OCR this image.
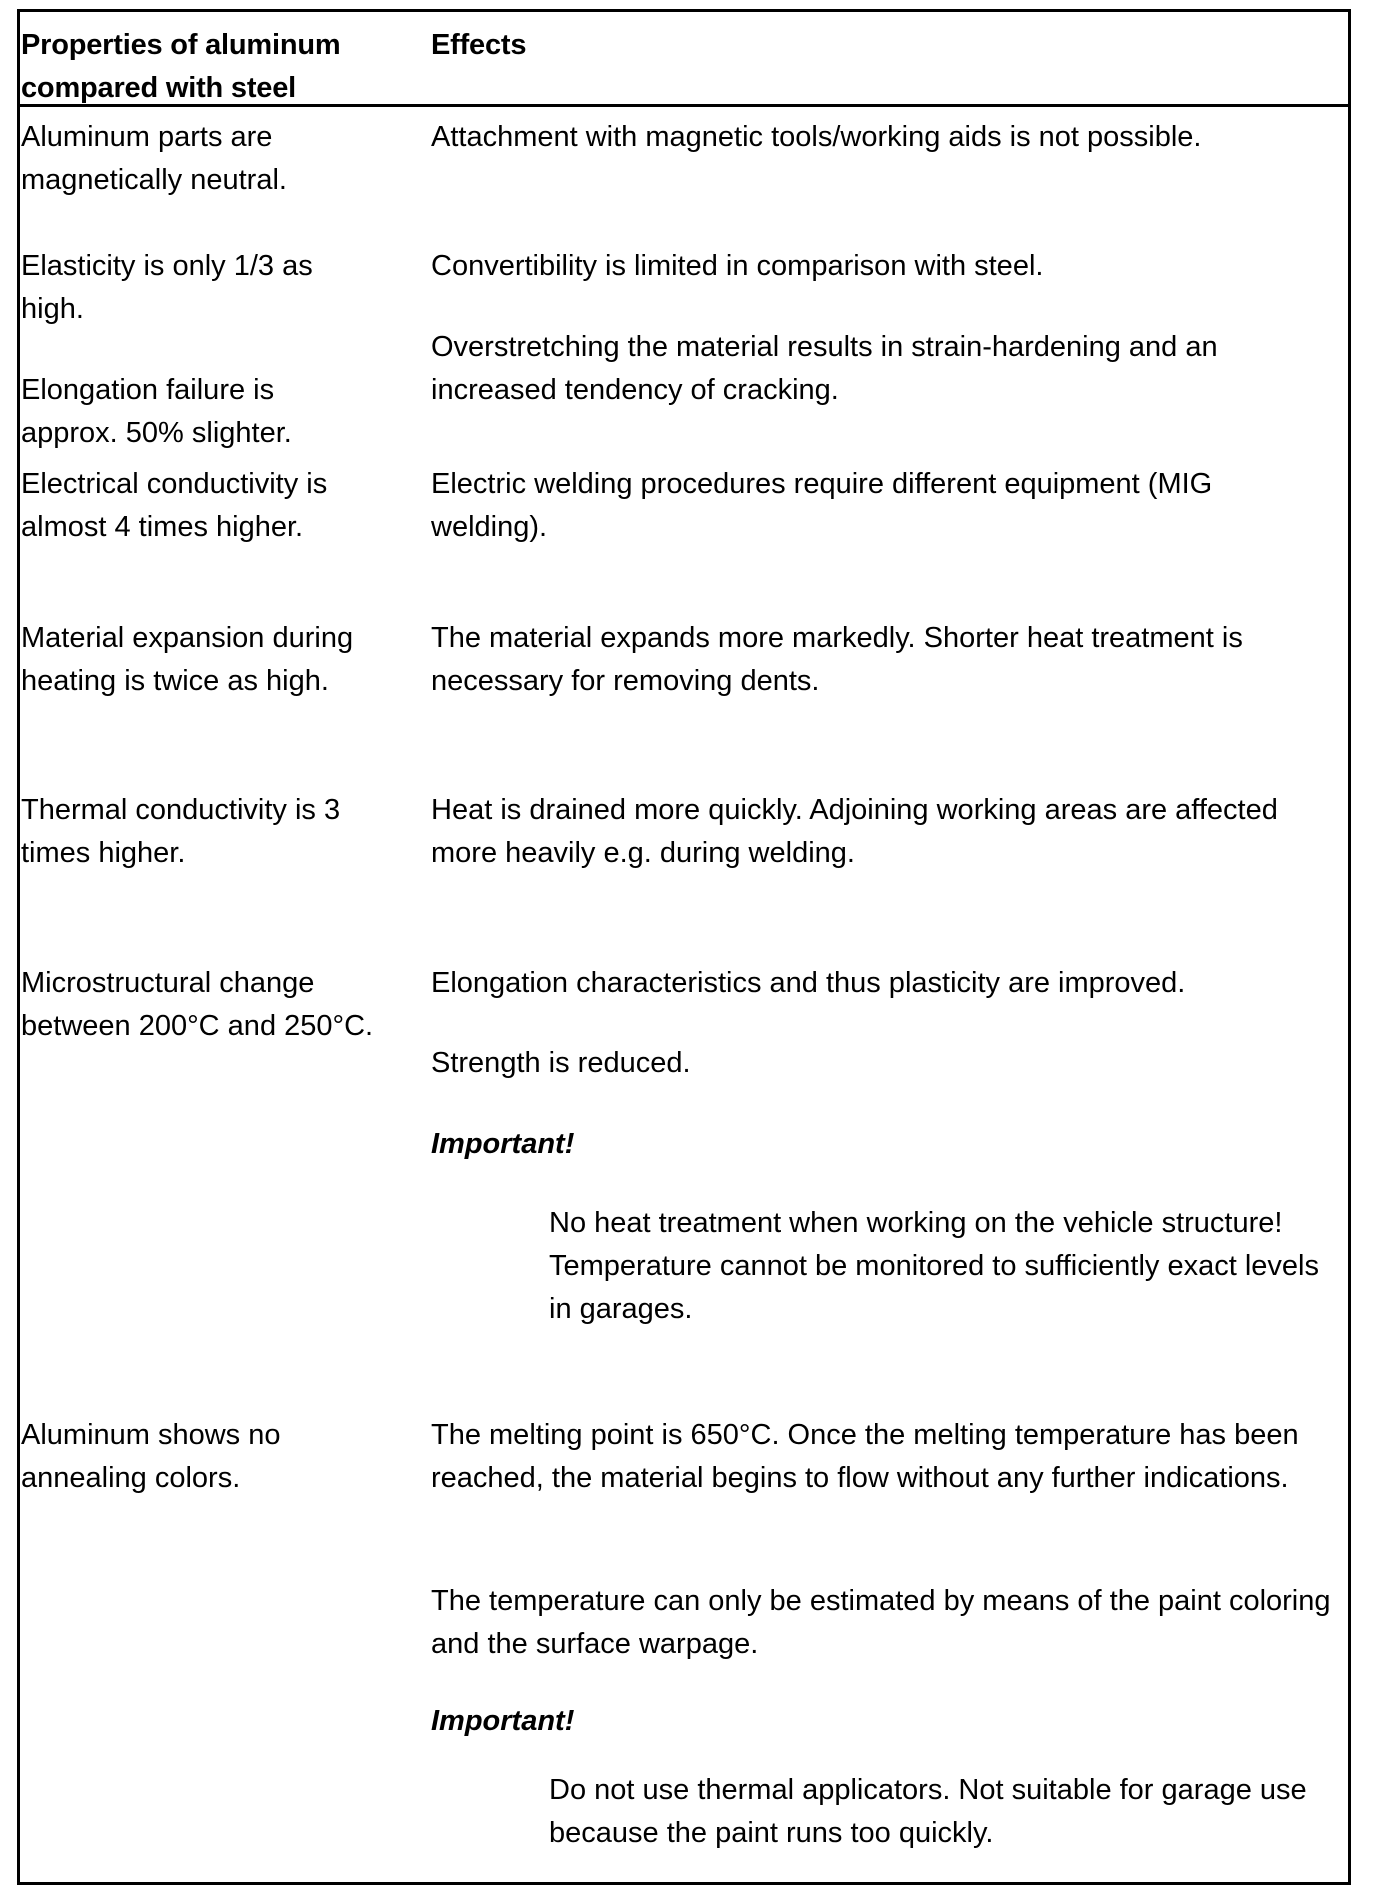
Properties of aluminum compared with steel
Effects
Aluminum parts are magnetically neutral.
Attachment with magnetic tools/working aids is not possible.
Elasticity is only 1/3 as high.
Convertibility is limited in comparison with steel.
Elongation failure is approx. 50% slighter.
Overstretching the material results in strain-hardening and an increased tendency of cracking.
Electrical conductivity is almost 4 times higher.
Electric welding procedures require different equipment (MIG welding).
Material expansion during heating is twice as high.
The material expands more markedly. Shorter heat treatment is necessary for removing dents.
Thermal conductivity is 3 times higher.
Heat is drained more quickly. Adjoining working areas are affected more heavily e.g. during welding.
Microstructural change between 200°C and 250°C.
Elongation characteristics and thus plasticity are improved.
Strength is reduced.
Important!
No heat treatment when working on the vehicle structure! Temperature cannot be monitored to sufficiently exact levels in garages.
Aluminum shows no annealing colors.
The melting point is 650°C. Once the melting temperature has been reached, the material begins to flow without any further indications.
The temperature can only be estimated by means of the paint coloring and the surface warpage.
Important!
Do not use thermal applicators. Not suitable for garage use because the paint runs too quickly.
